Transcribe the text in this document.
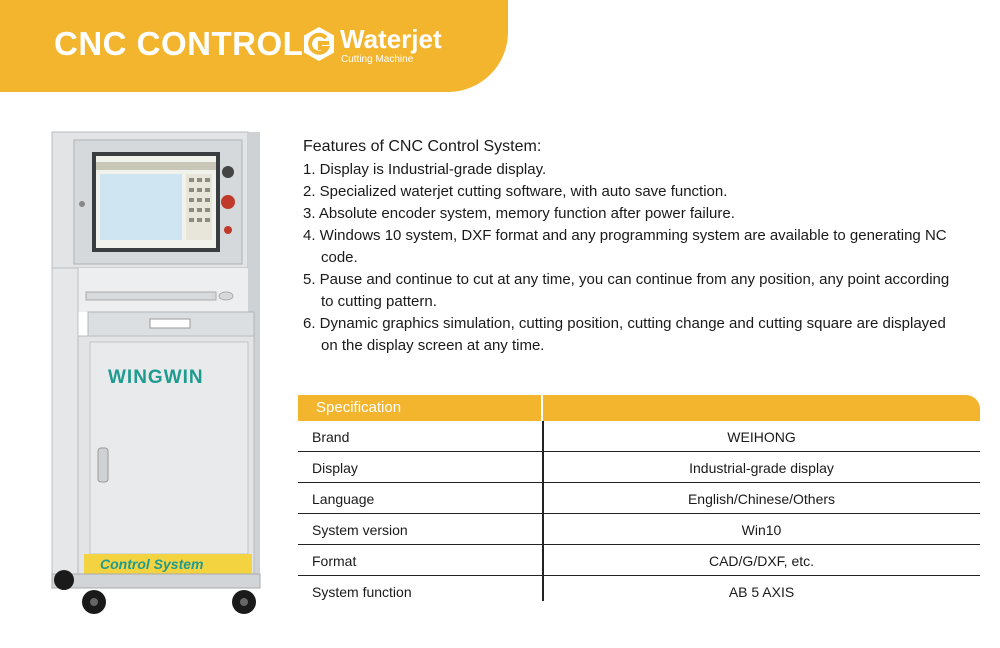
CNC CONTROL Waterjet
Cutting Machine
WINGWIN
Control System
Features of CNC Control System:
1. Display is Industrial-grade display.
2. Specialized waterjet cutting software, with auto save function.
3. Absolute encoder system, memory function after power failure.
4. Windows 10 system, DXF format and any programming system are available to generating NC code.
5. Pause and continue to cut at any time, you can continue from any position, any point according to cutting pattern.
6. Dynamic graphics simulation, cutting position, cutting change and cutting square are displayed on the display screen at any time.
Specification
Brand	WEIHONG
Display	Industrial-grade display
Language	English/Chinese/Others
System version	Win10
Format	CAD/G/DXF, etc.
System function	AB 5 AXIS
